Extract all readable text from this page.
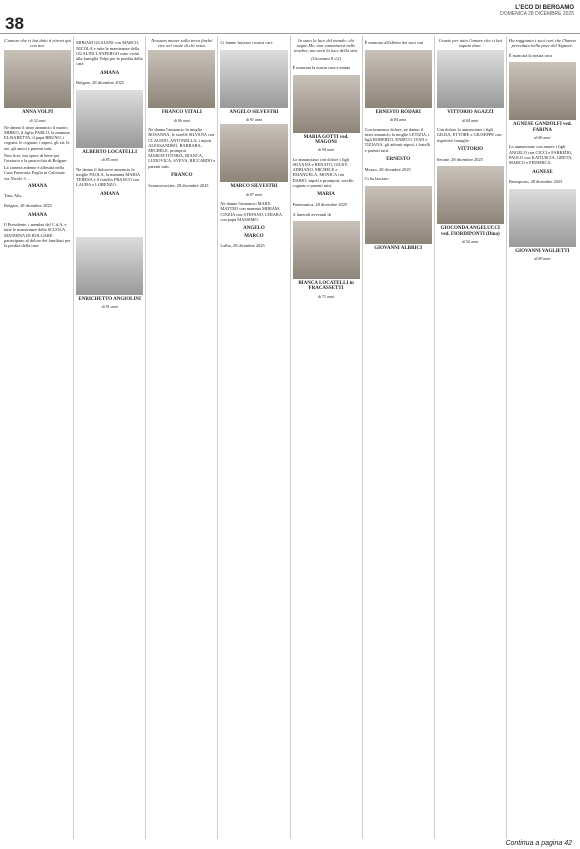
38
L'ECO DI BERGAMO
DOMENICA 28 DICEMBRE 2025
L'amore che ci hai dato ti ritrovi qui con noi.
ANNA VOLPI
di 32 anni

Ne danno il triste annuncio il marito MIRKO, il figlio PABLO, la mamma ELISABETTA, il papà BRUNO, i cognati, le cognate, i nipoti, gli zii, le zie, gli amici e parenti tutti.

Non fiori, ma opere di bene per l'oratorio e la parrocchia di Bolgare.

La camera ardente è allestita nella Casa Funeraria Foglia in Calcinate via Nicolo 3 ...

AMANA

Tina, Alis.

Bolgare, 28 dicembre 2025

AMANA

Il Presidente, i membri del C.d.A. e tutte le maestranze della SCUOLA MATERNA DI BOLGARE partecipano al dolore dei familiari per la perdita della cara

MIRIAM GUALENI con MARCO, NICOLA e tutte le maestranze della GUALINI LANFERGO sono vicini alla famiglia Volpi per la perdita della cara

AMANA

Bolgare, 28 dicembre 2025

ALBERTO LOCATELLI
di 85 anni

Ne danno il doloroso annuncio la moglie PAOLA, la mamma MARIA TERESA e il fratello FRANCO con LAURA e LORENZO.

AMANA
ENRICHETTO ANGIOLINI
di 91 anni
Nessuno muore sulla terra finché vive nel cuore di chi resta.
FRANCO VITALI
di 96 anni

Ne danno l'annuncio la moglie ROSANNA, le sorelle SILVANA con CLAUDIO, ANTONELLA, i nipoti ALESSANDRO, BARBARA, MICHELE, pronipoti MARIAVITTORIA, BIANCA, LUDOVICA, SVEVA, RICCARDO e parenti tutti.

FRANCO

Scanzorosciate, 28 dicembre 2025

Ci hanno lasciato i nostri cari:

ANGELO SILVESTRI
di 91 anni
MARCO SILVESTRI
di 87 anni

Ne danno l'annuncio MARY, MATTEO con mamma MIRIAM, CINZIA con STEFANO, CHIARA con papà MASSIMO.

ANGELO
MARCO

Lallio, 28 dicembre 2025

In sono la luce del mondo: chi segue Me, non camminerà nelle tenebre, ma avrà la luce della vita.
(Giovanni 8:12)

È mancata la nostra cara e amata

MARIA GOTTI ved. MAGONI
di 94 anni

Lo annunciano con dolore i figli SILVANA e RENATO, GIUSY, ADRIANO, MICHELE e EMANUELA, MONICA con DARIO, nipoti e pronipoti, sorelle, cognato e parenti tutti.

MARIA

Ponteranica, 28 dicembre 2025

A funerali avvenuti di

BIANCA LOCATELLI in FRACASSETTI
di 71 anni

È mancato all'affetto dei suoi cari

ERNESTO RODARI
di 84 anni

Con immenso dolore, ne danno il triste annuncio la moglie LETIZIA, i figli ROBERTO, ENRICO, IVAN e TIZIANA, gli adorati nipoti, i fratelli e parenti tutti.

ERNESTO

Mozzo, 28 dicembre 2025

Ci ha lasciato

GIOVANNI ALBRICI
Grazie per tutto l'amore che ci hai saputo dare.
VITTORIO AGAZZI
di 84 anni

Con dolore lo annunciano i figli GILDA, ETTORE e GIUSEPPE con rispettive famiglie.

VITTORIO

Seriate, 28 dicembre 2025

GIOCONDA ANGELUCCI ved. FIORDIPONTI (Dina)
di 92 anni
Ha raggiunto i suoi cari che l'hanno preceduto nella pace del Signore.

È mancata la nostra cara

AGNESE GANDOLFI ved. FARINA
di 86 anni

Lo annunciano con amore i figli ANGELO con CICCI e FABRIZIO, PAOLO con KATIUSCIA, GRETA, MARCO e FEDERICA.

AGNESE

Brusaporto, 28 dicembre 2025

GIOVANNI VAGLIETTI
di 89 anni
Continua a pagina 42
